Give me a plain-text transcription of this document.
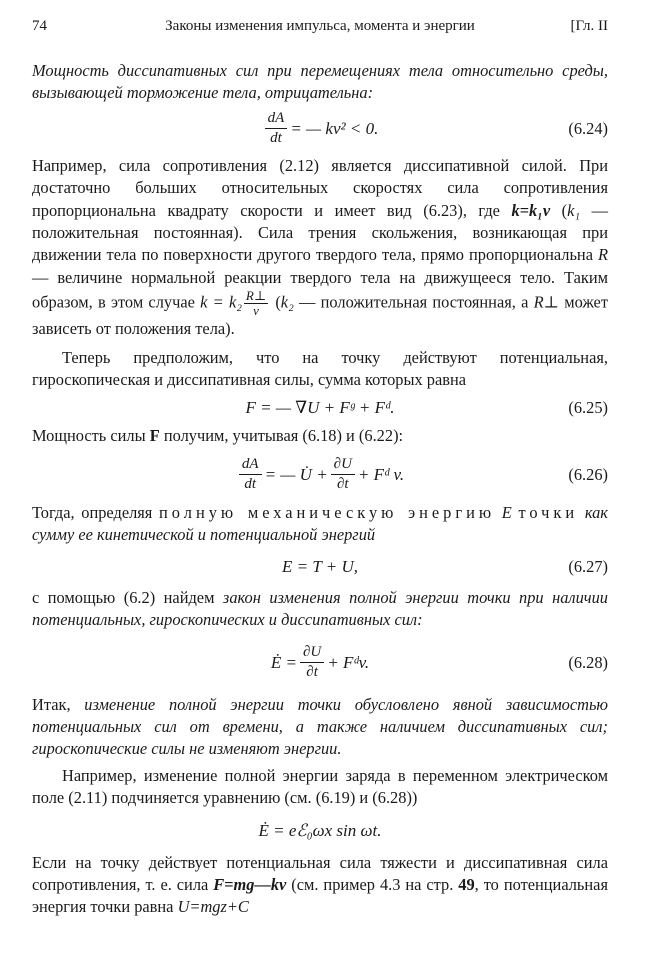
74	Законы изменения импульса, момента и энергии	[Гл. II

Мощность диссипативных сил при перемещениях тела относительно среды, вызывающей торможение тела, отрицательна:

$\frac{dA}{dt}$ = — kv² < 0.	(6.24)

Например, сила сопротивления (2.12) является диссипативной силой. При достаточно больших относительных скоростях сила сопротивления пропорциональна квадрату скорости и имеет вид (6.23), где k=k₁v (k₁ — положительная постоянная). Сила трения скольжения, возникающая при движении тела по поверхности другого твердого тела, прямо пропорциональна R — величине нормальной реакции твердого тела на движущееся тело. Таким образом, в этом случае $k = k_2 \frac{R\perp}{v} (k_2$ — положительная постоянная, а R⊥ может зависеть от положения тела).

Теперь предположим, что на точку действуют потенциальная, гироскопическая и диссипативная силы, сумма которых равна

F = — ∇U + Fᵍ + Fᵈ.	(6.25)

Мощность силы F получим, учитывая (6.18) и (6.22):

$\frac{dA}{dt}$ = — U̇ + $\frac{\partial U}{\partial t}$ + Fᵈ v.	(6.26)

Тогда, определяя полную механическую энергию E точки как сумму ее кинетической и потенциальной энергий

E = T + U,	(6.27)

с помощью (6.2) найдем закон изменения полной энергии точки при наличии потенциальных, гироскопических и диссипативных сил:

Ė = $\frac{\partial U}{\partial t}$ + Fᵈv.	(6.28)

Итак, изменение полной энергии точки обусловлено явной зависимостью потенциальных сил от времени, а также наличием диссипативных сил; гироскопические силы не изменяют энергии.

Например, изменение полной энергии заряда в переменном электрическом поле (2.11) подчиняется уравнению (см. (6.19) и (6.28))

Ė = eℰ₀ωx sin ωt.

Если на точку действует потенциальная сила тяжести и диссипативная сила сопротивления, т. е. сила F=mg—kv (см. пример 4.3 на стр. 49, то потенциальная энергия точки равна U=mgz+C
